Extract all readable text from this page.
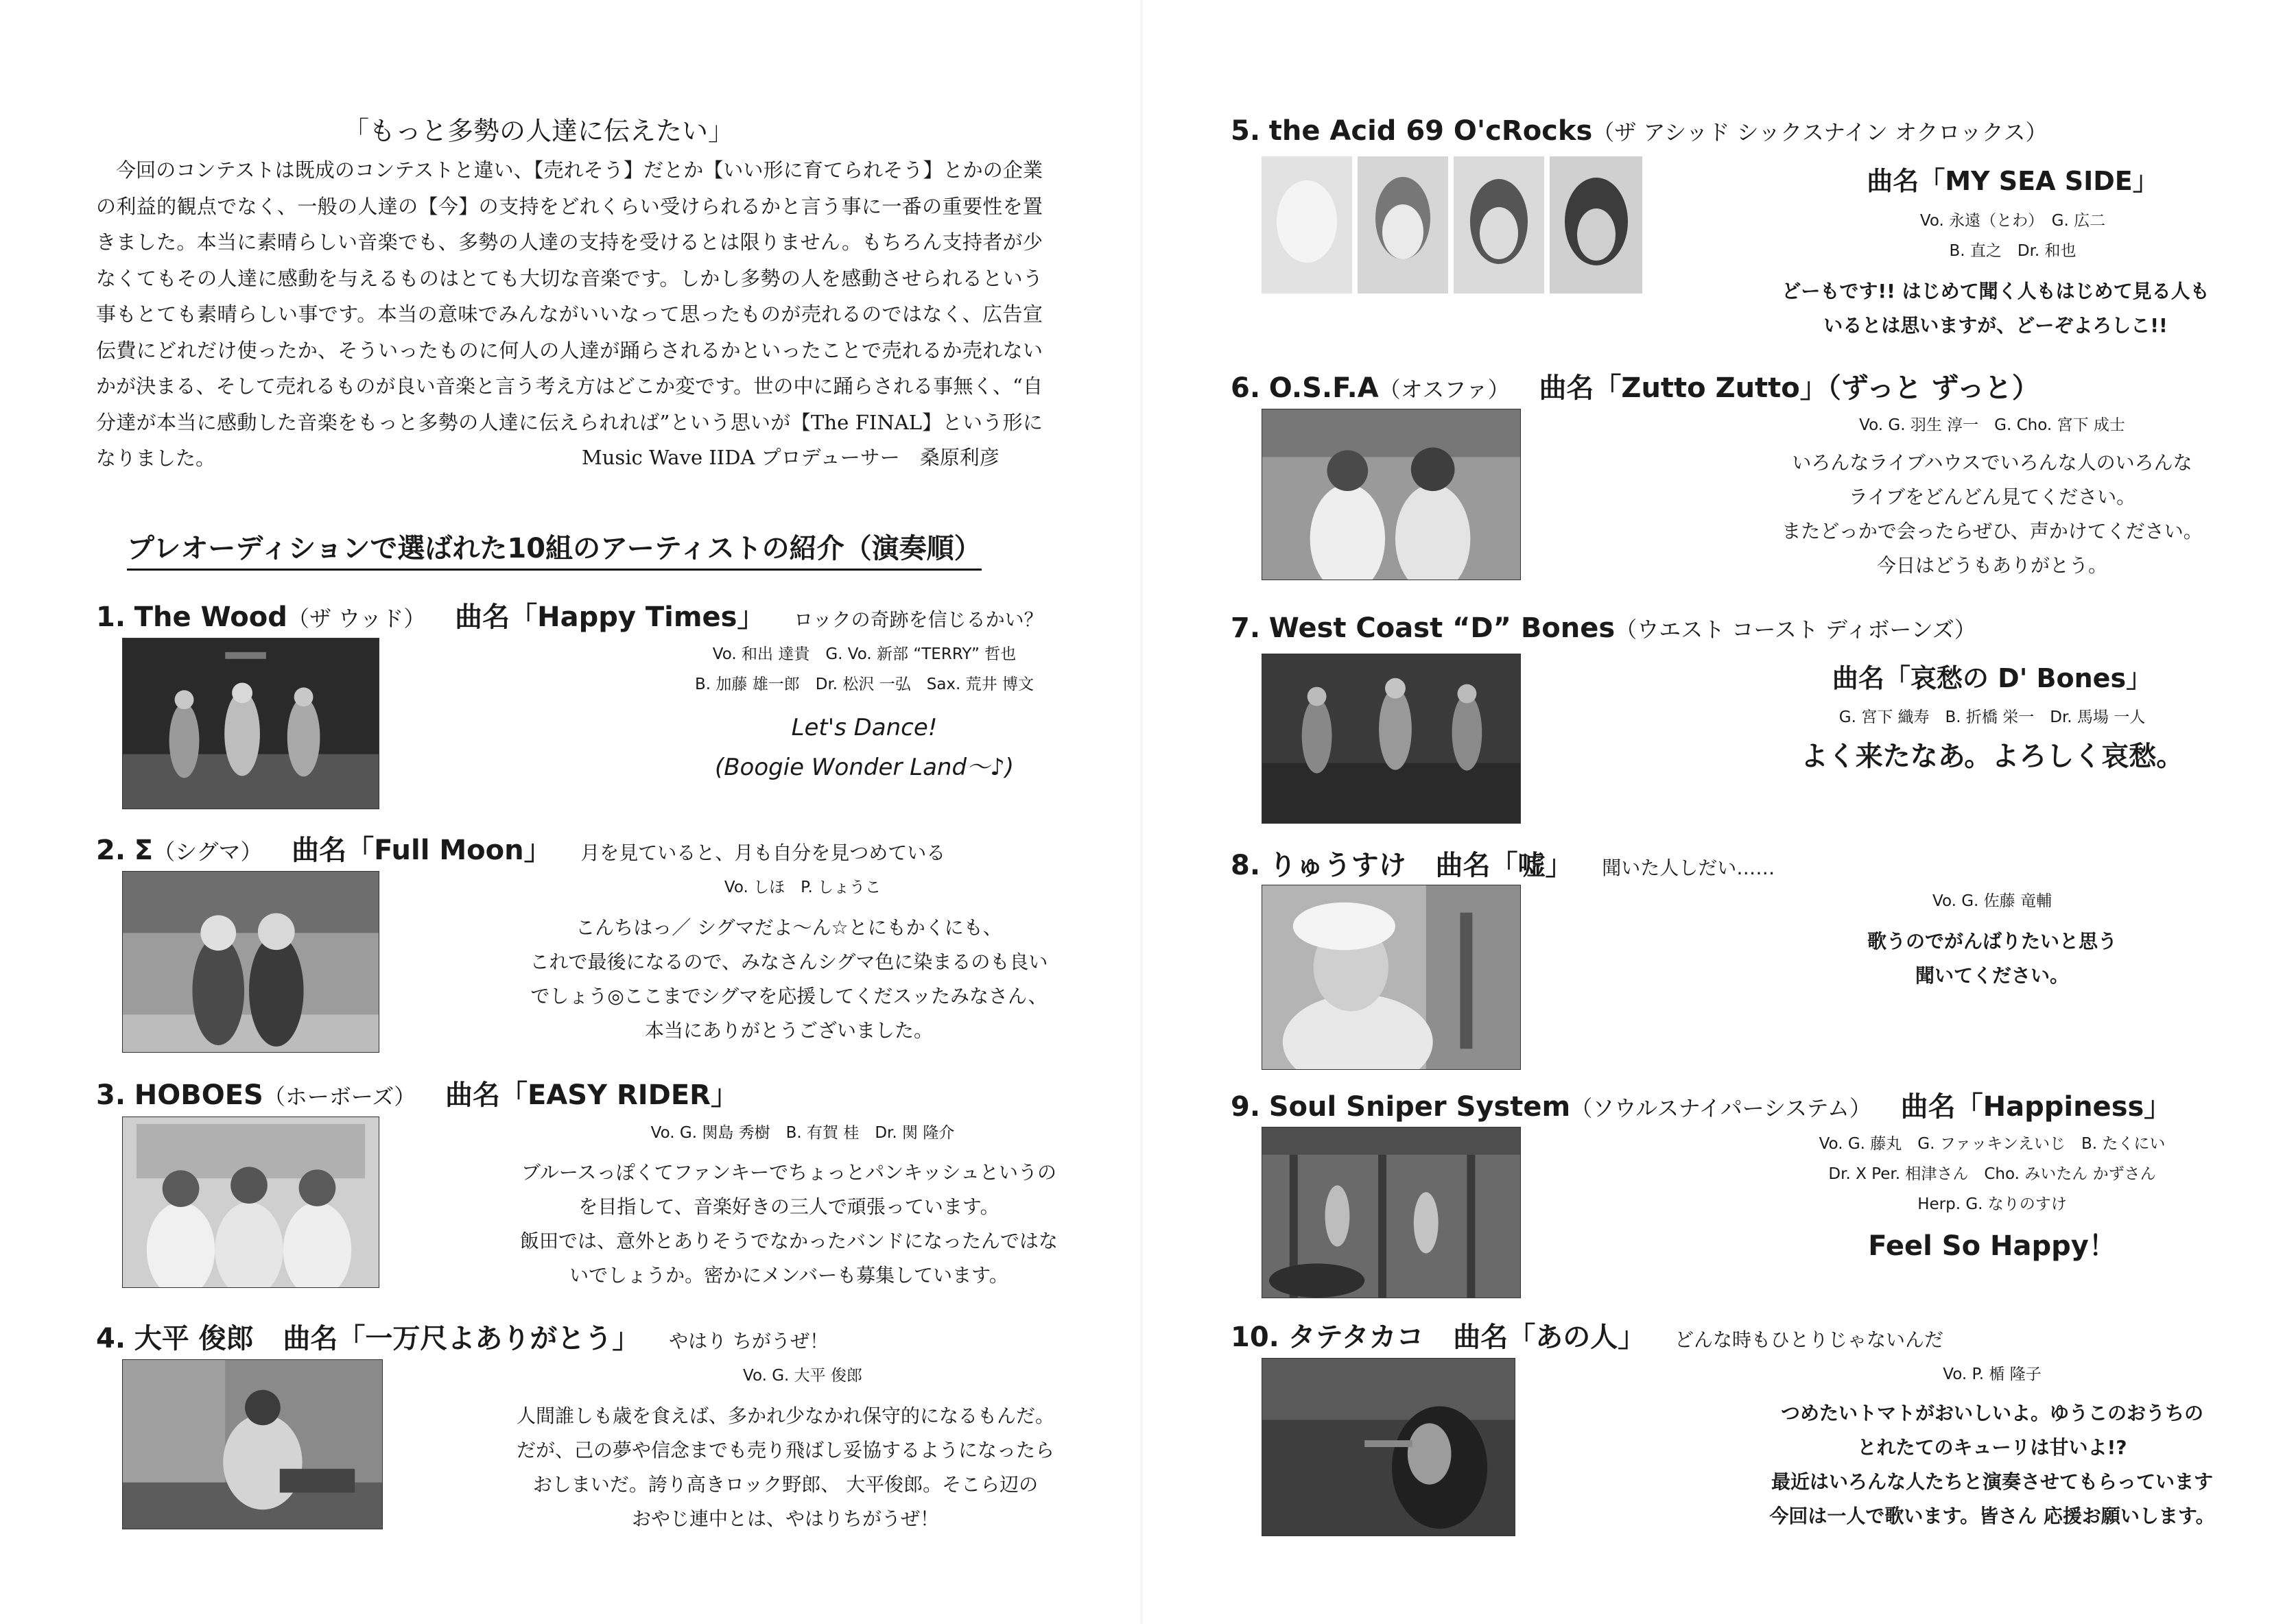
「もっと多勢の人達に伝えたい」

今回のコンテストは既成のコンテストと違い、【売れそう】だとか【いい形に育てられそう】とかの企業の利益的観点でなく、一般の人達の【今】の支持をどれくらい受けられるかと言う事に一番の重要性を置きました。本当に素晴らしい音楽でも、多勢の人達の支持を受けるとは限りません。もちろん支持者が少なくてもその人達に感動を与えるものはとても大切な音楽です。しかし多勢の人を感動させられるという事もとても素晴らしい事です。本当の意味でみんながいいなって思ったものが売れるのではなく、広告宣伝費にどれだけ使ったか、そういったものに何人の人達が踊らされるかといったことで売れるか売れないかが決まる、そして売れるものが良い音楽と言う考え方はどこか変です。世の中に踊らされる事無く、“自分達が本当に感動した音楽をもっと多勢の人達に伝えられれば”という思いが【The FINAL】という形になりました。	Music Wave IIDA プロデューサー　桑原利彦
プレオーディションで選ばれた10組のアーティストの紹介（演奏順）
1. The Wood（ザ ウッド） 曲名「Happy Times」 ロックの奇跡を信じるかい？
Vo. 和出 達貴　G. Vo. 新部 “TERRY” 哲也
B. 加藤 雄一郎　Dr. 松沢 一弘　Sax. 荒井 博文
Let's Dance!
(Boogie Wonder Land～♪)
2. Σ（シグマ） 曲名「Full Moon」 月を見ていると、月も自分を見つめている
Vo. しほ　P. しょうこ
こんちはっ／ シグマだよ～ん☆とにもかくにも、
これで最後になるので、みなさんシグマ色に染まるのも良い
でしょう◎ここまでシグマを応援してくだスッたみなさん、
本当にありがとうございました。
3. HOBOES（ホーボーズ） 曲名「EASY RIDER」
Vo. G. 関島 秀樹　B. 有賀 桂　Dr. 関 隆介
ブルースっぽくてファンキーでちょっとパンキッシュというの
を目指して、音楽好きの三人で頑張っています。
飯田では、意外とありそうでなかったバンドになったんではな
いでしょうか。密かにメンバーも募集しています。
4. 大平 俊郎 曲名「一万尺よありがとう」 やはり ちがうぜ！
Vo. G. 大平 俊郎
人間誰しも歳を食えば、多かれ少なかれ保守的になるもんだ。
だが、己の夢や信念までも売り飛ばし妥協するようになったら
おしまいだ。誇り高きロック野郎、 大平俊郎。そこら辺の
おやじ連中とは、やはりちがうぜ！
5. the Acid 69 O'cRocks（ザ アシッド シックスナイン オクロックス）
曲名「MY SEA SIDE」
Vo. 永遠（とわ）　G. 広二
B. 直之　Dr. 和也
どーもです!! はじめて聞く人もはじめて見る人も
いるとは思いますが、どーぞよろしこ!!
6. O.S.F.A（オスファ） 曲名「Zutto Zutto」（ずっと ずっと）
Vo. G. 羽生 淳一　G. Cho. 宮下 成士
いろんなライブハウスでいろんな人のいろんな
ライブをどんどん見てください。
またどっかで会ったらぜひ、声かけてください。
今日はどうもありがとう。
7. West Coast “D” Bones（ウエスト コースト ディボーンズ）
曲名「哀愁の D' Bones」
G. 宮下 織寿　B. 折橋 栄一　Dr. 馬場 一人
よく来たなあ。よろしく哀愁。
8. りゅうすけ 曲名「嘘」 聞いた人しだい……
Vo. G. 佐藤 竜輔
歌うのでがんばりたいと思う
聞いてください。
9. Soul Sniper System（ソウルスナイパーシステム） 曲名「Happiness」
Vo. G. 藤丸　G. ファッキンえいじ　B. たくにい
Dr. X Per. 相津さん　Cho. みいたん かずさん
Herp. G. なりのすけ
Feel So Happy！
10. タテタカコ 曲名「あの人」 どんな時もひとりじゃないんだ
Vo. P. 楯 隆子
つめたいトマトがおいしいよ。ゆうこのおうちの
とれたてのキューリは甘いよ!?
最近はいろんな人たちと演奏させてもらっています
今回は一人で歌います。皆さん 応援お願いします。
